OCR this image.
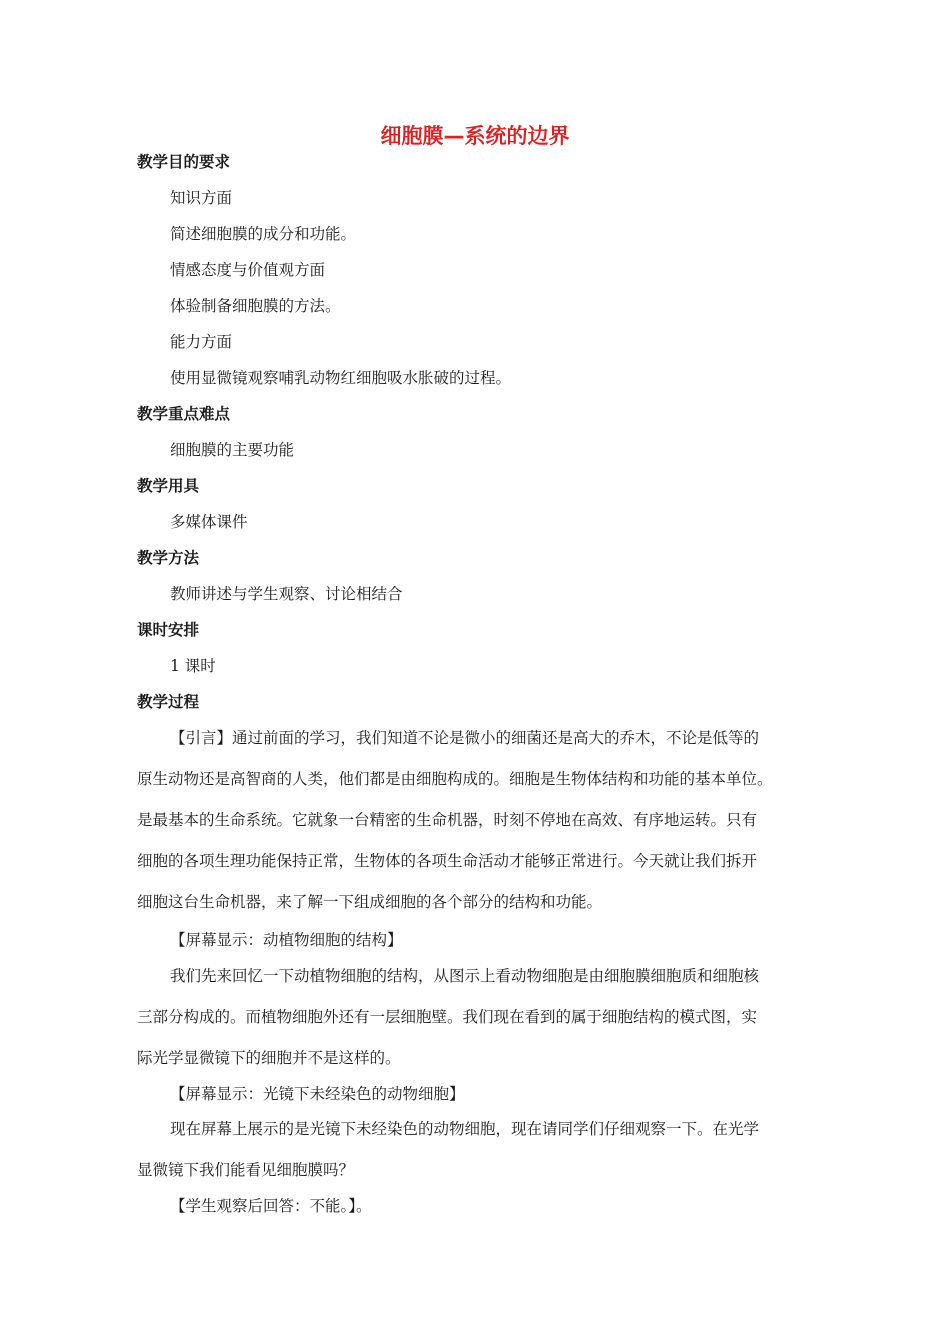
细胞膜—系统的边界
教学目的要求
知识方面
简述细胞膜的成分和功能。
情感态度与价值观方面
体验制备细胞膜的方法。
能力方面
使用显微镜观察哺乳动物红细胞吸水胀破的过程。
教学重点难点
细胞膜的主要功能
教学用具
多媒体课件
教学方法
教师讲述与学生观察、讨论相结合
课时安排
1 课时
教学过程
【引言】通过前面的学习，我们知道不论是微小的细菌还是高大的乔木，不论是低等的
原生动物还是高智商的人类，他们都是由细胞构成的。细胞是生物体结构和功能的基本单位。
是最基本的生命系统。它就象一台精密的生命机器，时刻不停地在高效、有序地运转。只有
细胞的各项生理功能保持正常，生物体的各项生命活动才能够正常进行。今天就让我们拆开
细胞这台生命机器，来了解一下组成细胞的各个部分的结构和功能。
【屏幕显示：动植物细胞的结构】
我们先来回忆一下动植物细胞的结构，从图示上看动物细胞是由细胞膜细胞质和细胞核
三部分构成的。而植物细胞外还有一层细胞壁。我们现在看到的属于细胞结构的模式图，实
际光学显微镜下的细胞并不是这样的。
【屏幕显示：光镜下未经染色的动物细胞】
现在屏幕上展示的是光镜下未经染色的动物细胞，现在请同学们仔细观察一下。在光学
显微镜下我们能看见细胞膜吗？
【学生观察后回答：不能。】。
